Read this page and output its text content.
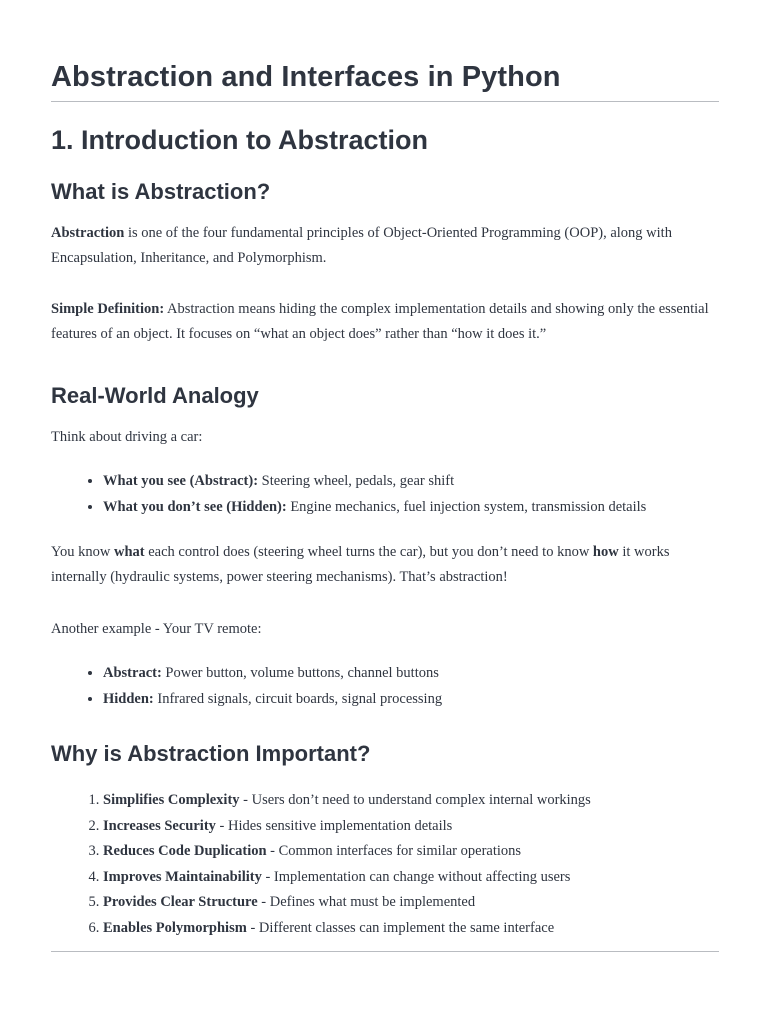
Abstraction and Interfaces in Python
1. Introduction to Abstraction
What is Abstraction?

Abstraction is one of the four fundamental principles of Object-Oriented Programming (OOP), along with Encapsulation, Inheritance, and Polymorphism.

Simple Definition: Abstraction means hiding the complex implementation details and showing only the essential features of an object. It focuses on “what an object does” rather than “how it does it.”

Real-World Analogy

Think about driving a car:

• What you see (Abstract): Steering wheel, pedals, gear shift
• What you don’t see (Hidden): Engine mechanics, fuel injection system, transmission details

You know what each control does (steering wheel turns the car), but you don’t need to know how it works internally (hydraulic systems, power steering mechanisms). That’s abstraction!

Another example - Your TV remote:

• Abstract: Power button, volume buttons, channel buttons
• Hidden: Infrared signals, circuit boards, signal processing
Why is Abstraction Important?
1. Simplifies Complexity - Users don’t need to understand complex internal workings
2. Increases Security - Hides sensitive implementation details
3. Reduces Code Duplication - Common interfaces for similar operations
4. Improves Maintainability - Implementation can change without affecting users
5. Provides Clear Structure - Defines what must be implemented
6. Enables Polymorphism - Different classes can implement the same interface
